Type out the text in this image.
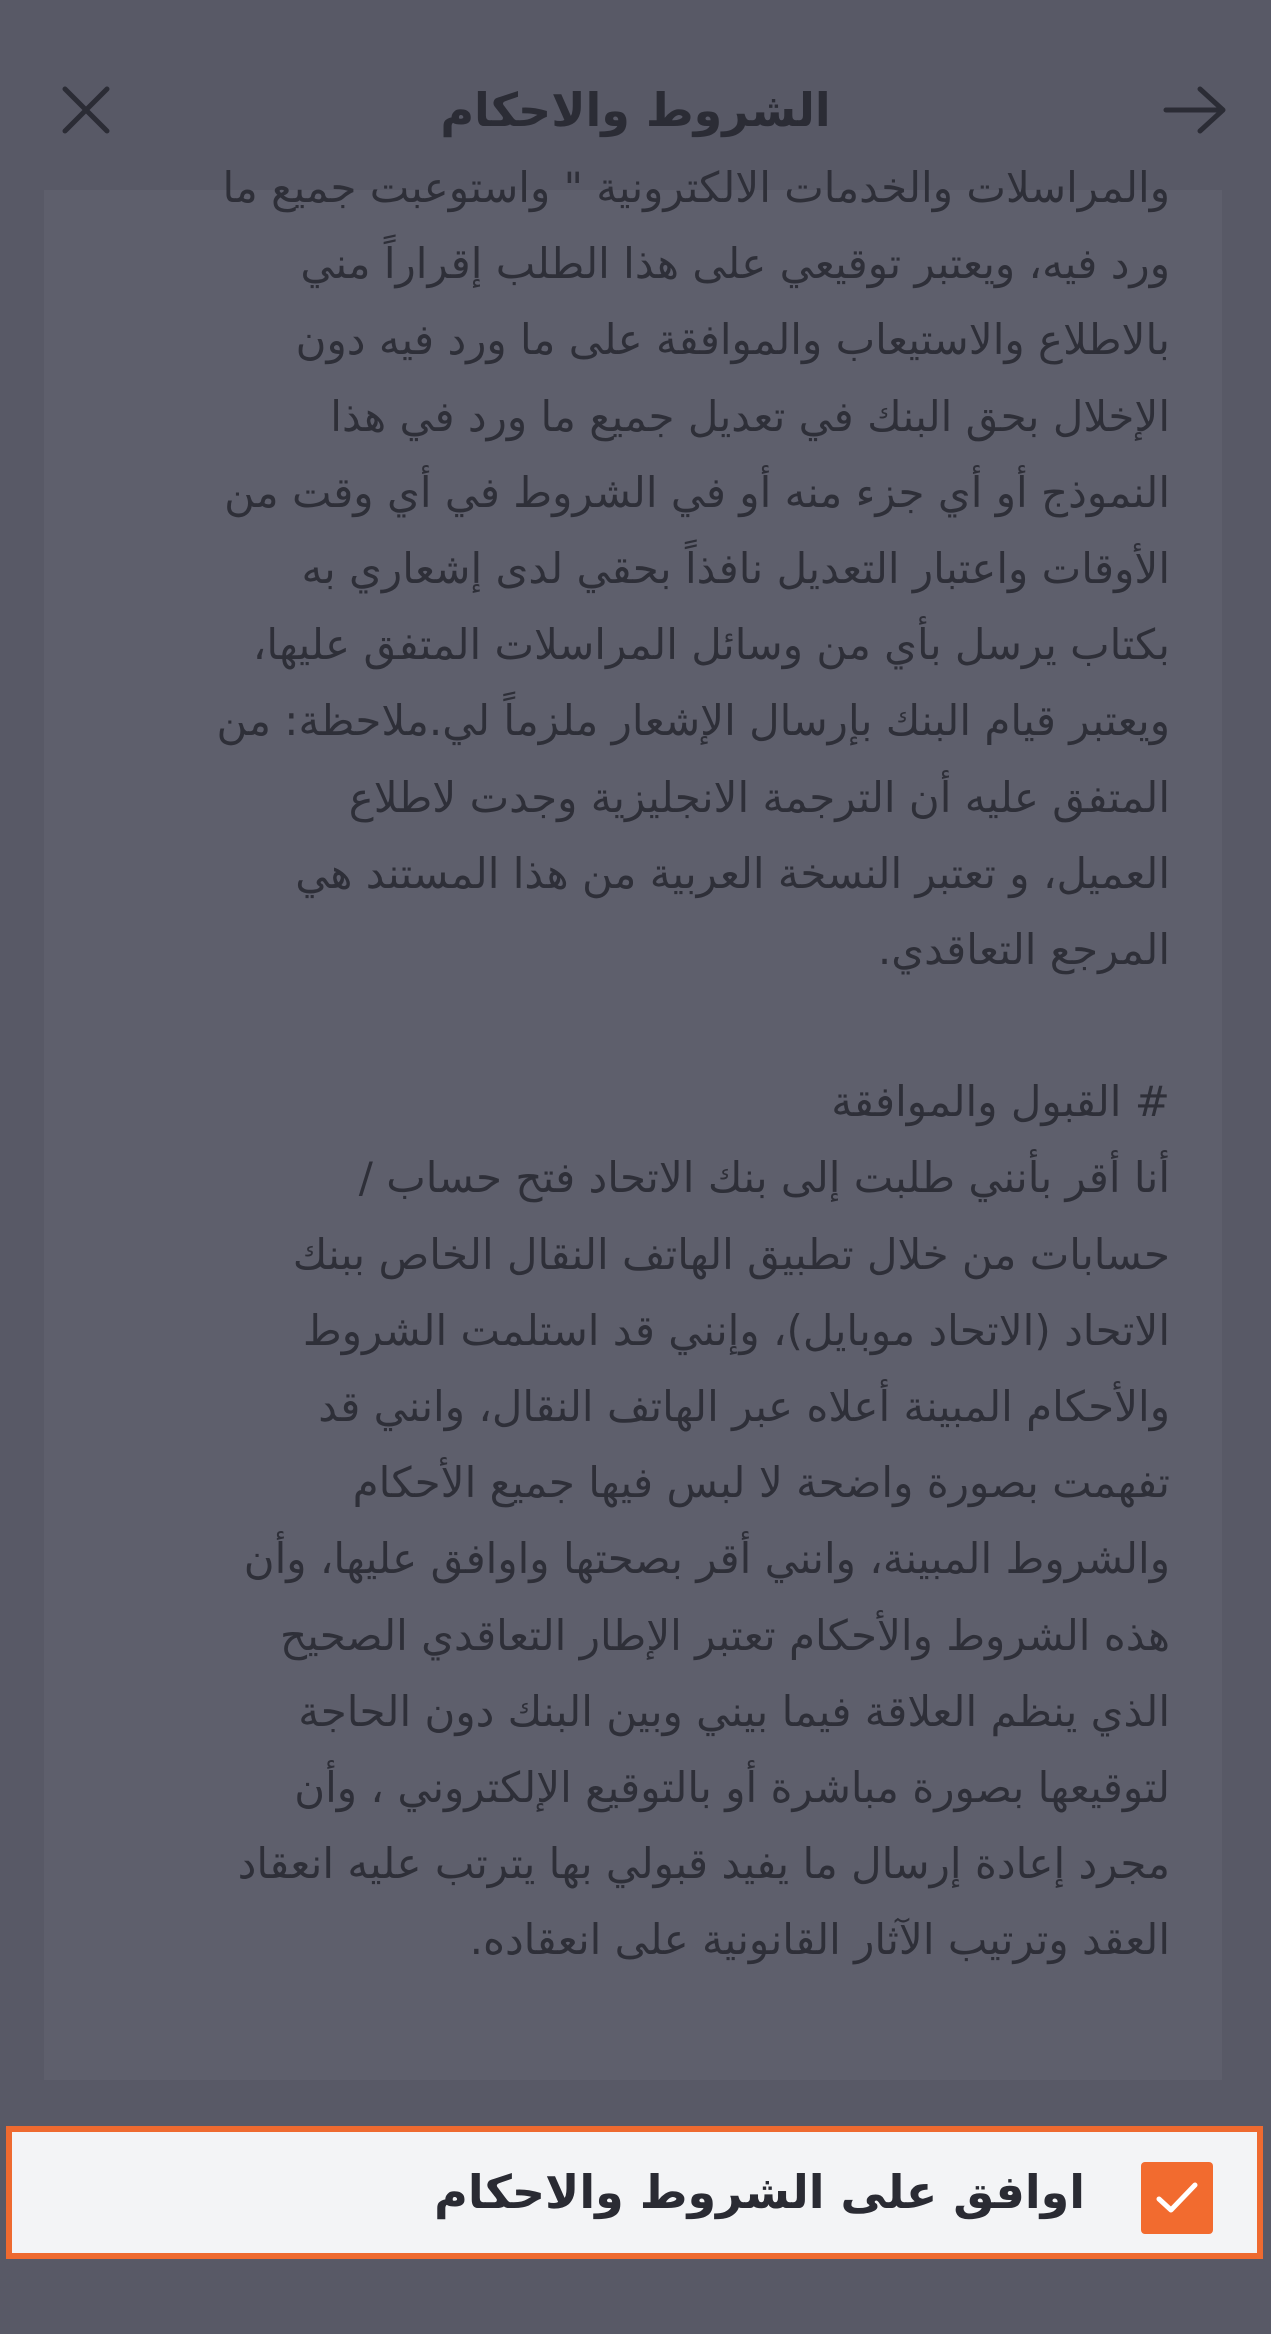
الشروط والاحكام
والمراسلات والخدمات الالكترونية " واستوعبت جميع ما
ورد فيه، ويعتبر توقيعي على هذا الطلب إقراراً مني
بالاطلاع والاستيعاب والموافقة على ما ورد فيه دون
الإخلال بحق البنك في تعديل جميع ما ورد في هذا
النموذج أو أي جزء منه أو في الشروط في أي وقت من
الأوقات واعتبار التعديل نافذاً بحقي لدى إشعاري به
بكتاب يرسل بأي من وسائل المراسلات المتفق عليها،
ويعتبر قيام البنك بإرسال الإشعار ملزماً لي.ملاحظة: من
المتفق عليه أن الترجمة الانجليزية وجدت لاطلاع
العميل، و تعتبر النسخة العربية من هذا المستند هي
المرجع التعاقدي.
# القبول والموافقة
أنا أقر بأنني طلبت إلى بنك الاتحاد فتح حساب /
حسابات من خلال تطبيق الهاتف النقال الخاص ببنك
الاتحاد (الاتحاد موبايل)، وإنني قد استلمت الشروط
والأحكام المبينة أعلاه عبر الهاتف النقال، وانني قد
تفهمت بصورة واضحة لا لبس فيها جميع الأحكام
والشروط المبينة، وانني أقر بصحتها واوافق عليها، وأن
هذه الشروط والأحكام تعتبر الإطار التعاقدي الصحيح
الذي ينظم العلاقة فيما بيني وبين البنك دون الحاجة
لتوقيعها بصورة مباشرة أو بالتوقيع الإلكتروني ، وأن
مجرد إعادة إرسال ما يفيد قبولي بها يترتب عليه انعقاد
العقد وترتيب الآثار القانونية على انعقاده.
اوافق على الشروط والاحكام
